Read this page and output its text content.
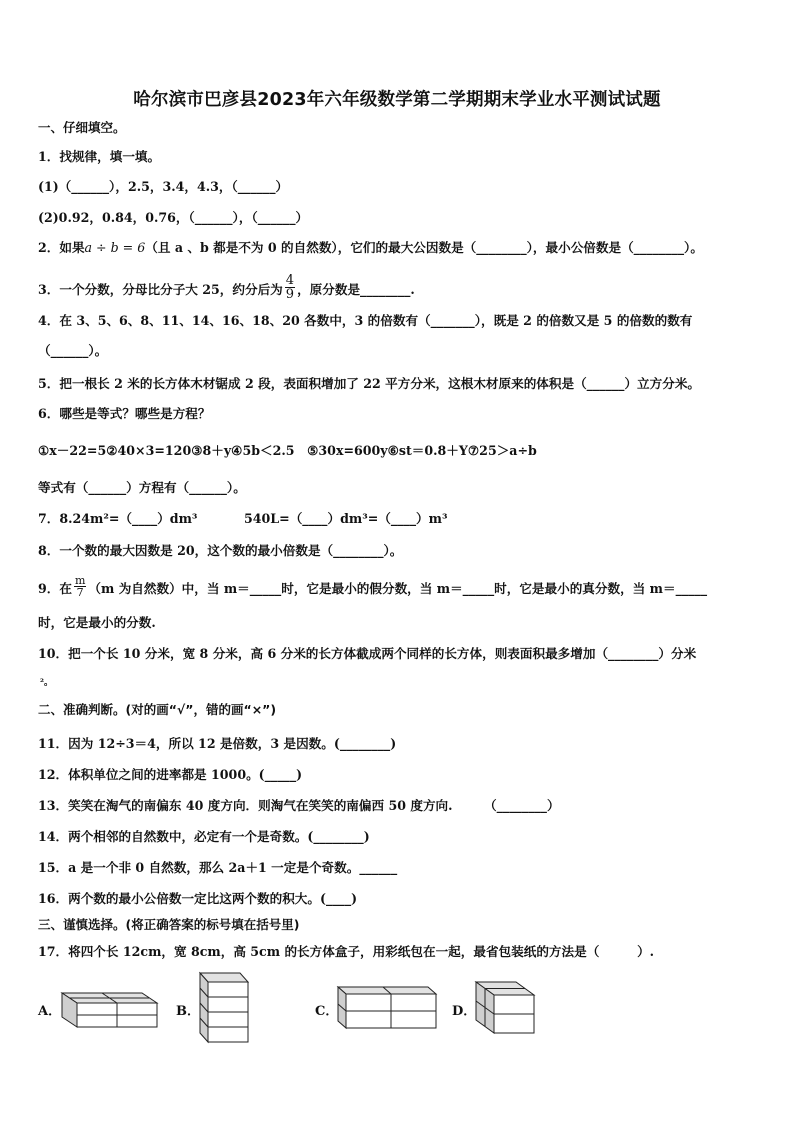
哈尔滨市巴彦县2023年六年级数学第二学期期末学业水平测试试题
一、仔细填空。
1．找规律，填一填。
(1)（______），2.5，3.4，4.3，（______）
(2)0.92，0.84，0.76，（______），（______）
2．如果a ÷ b = 6（且 a 、b 都是不为 0 的自然数），它们的最大公因数是（________），最小公倍数是（________）。
3．一个分数，分母比分子大 25，约分后为 $\frac{4}{9}$ ，原分数是________.
4．在 3、5、6、8、11、14、16、18、20 各数中，3 的倍数有（_______），既是 2 的倍数又是 5 的倍数的数有
（______）。
5．把一根长 2 米的长方体木材锯成 2 段，表面积增加了 22 平方分米，这根木材原来的体积是（______）立方分米。
6．哪些是等式？哪些是方程？
①x－22=5②40×3=120③8＋y④5b＜2.5　⑤30x=600y⑥st＝0.8＋Y⑦25＞a÷b
等式有（______）方程有（______）。
7．8.24m²=（____）dm³	540L=（____）dm³=（____）m³
8．一个数的最大因数是 20，这个数的最小倍数是（________）。
9．在 $\frac{m}{7} (m$ 为自然数）中，当 m＝_____时，它是最小的假分数，当 m＝_____时，它是最小的真分数，当 m＝_____
时，它是最小的分数.
10．把一个长 10 分米，宽 8 分米，高 6 分米的长方体截成两个同样的长方体，则表面积最多增加（________）分米
²。
二、准确判断。(对的画“√”，错的画“×”)
11．因为 12÷3＝4，所以 12 是倍数，3 是因数。(________)
12．体积单位之间的进率都是 1000。(_____)
13．笑笑在淘气的南偏东 40 度方向．则淘气在笑笑的南偏西 50 度方向.　　　（________）
14．两个相邻的自然数中，必定有一个是奇数。(________)
15．a 是一个非 0 自然数，那么 2a＋1 一定是个奇数。______
16．两个数的最小公倍数一定比这两个数的积大。(____)
三、谨慎选择。(将正确答案的标号填在括号里)
17．将四个长 12cm，宽 8cm，高 5cm 的长方体盒子，用彩纸包在一起，最省包装纸的方法是（　　　）.
A．	B．	C．	D．
